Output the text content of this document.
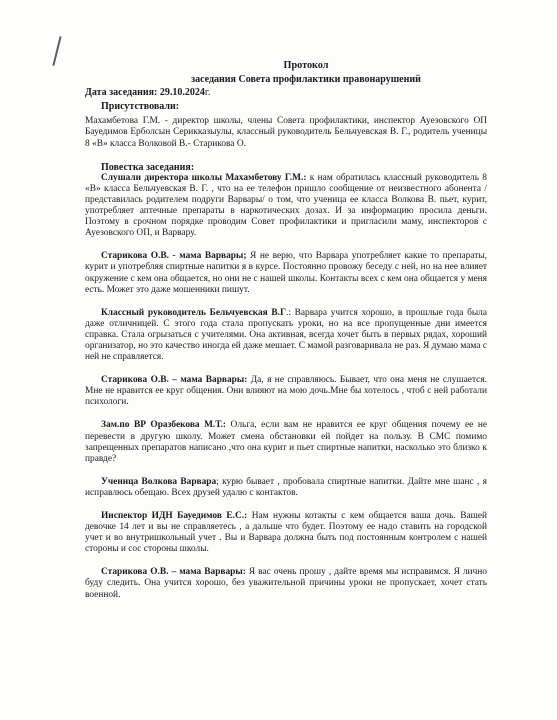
Протокол
заседания Совета профилактики правонарушений
Дата заседания: 29.10.2024г.
Присутствовали:

Махамбетова Г.М. - директор школы, члены Совета профилактики, инспектор Ауезовского ОП Бауедимов Ерболсын Серикказыулы, классный руководитель Бельчуевская В. Г., родитель ученицы 8 «В» класса Волковой В.- Старикова О.

Повестка заседания:

Слушали директора школы Махамбетову Г.М.: к нам обратилась классный руководитель 8 «В» класса Бельчуевская В. Г. , что на ее телефон пришло сообщение от неизвестного абонента /представилась родителем подруги Варвары/ о том, что ученица ее класса Волкова В. пьет, курит, употребляет аптечные препараты в наркотических дозах. И за информацию просила деньги. Поэтому в срочном порядке проводим Совет профилактики и пригласили маму, инспекторов с Ауезовского ОП, и Варвару.

Старикова О.В. - мама Варвары; Я не верю, что Варвара употребляет какие то препараты, курит и употребляя спиртные напитки я в курсе. Постоянно провожу беседу с ней, но на нее влияет окружение с кем она общается, но они не с нашей школы. Контакты всех с кем она общается у меня есть. Может это даже мошенники пишут.

Классный руководитель Бельчуевская В.Г.: Варвара учится хорошо, в прошлые года была даже отличницей. С этого года стала пропускать уроки, но на все пропущенные дни имеется справка. Стала огрызаться с учителями. Она активная, всегда хочет быть в первых рядах, хороший организатор, но это качество иногда ей даже мешает. С мамой разговаривала не раз. Я думаю мама с ней не справляется.

Старикова О.В. – мама Варвары: Да, я не справляюсь. Бывает, что она меня не слушается. Мне не нравится ее круг общения. Они влияют на мою дочь.Мне бы хотелось , чтоб с ней работали психологи.

Зам.по ВР Оразбекова М.Т.: Ольга, если вам не нравится ее круг общения почему ее не перевести в другую школу. Может смена обстановки ей пойдет на пользу. В СМС помимо запрещенных препаратов написано ,что она курит и пьет спиртные напитки, насколько это близко к правде?

Ученица Волкова Варвара; курю бывает , пробовала спиртные напитки. Дайте мне шанс , я исправлюсь обещаю. Всех друзей удалю с контактов.

Инспектор ИДН Бауедимов Е.С.: Нам нужны котакты с кем общается ваша дочь. Вашей девочке 14 лет и вы не справляетесь , а дальше что будет. Поэтому ее надо ставить на городской учет и во внутришкольный учет . Вы и Варвара должна быть под постоянным контролем с нашей стороны и сос стороны школы.

Старикова О.В. – мама Варвары: Я вас очень прошу , дайте время мы исправимся. Я лично буду следить. Она учится хорошо, без уважительной причины уроки не пропускает, хочет стать военной.
